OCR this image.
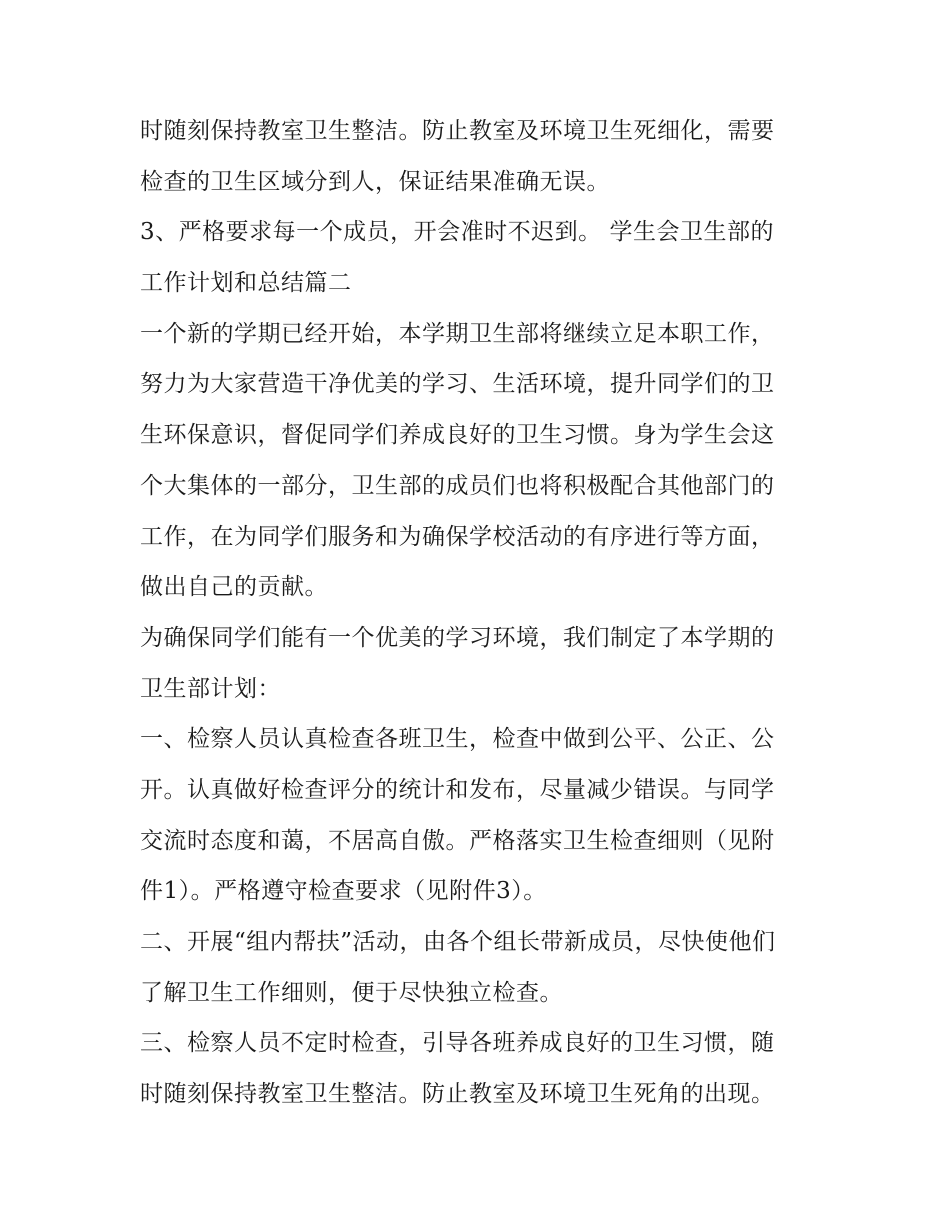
时随刻保持教室卫生整洁。防止教室及环境卫生死细化，需要
检查的卫生区域分到人，保证结果准确无误。
3、严格要求每一个成员，开会准时不迟到。 学生会卫生部的
工作计划和总结篇二
一个新的学期已经开始，本学期卫生部将继续立足本职工作，
努力为大家营造干净优美的学习、生活环境，提升同学们的卫
生环保意识，督促同学们养成良好的卫生习惯。身为学生会这
个大集体的一部分，卫生部的成员们也将积极配合其他部门的
工作，在为同学们服务和为确保学校活动的有序进行等方面，
做出自己的贡献。
为确保同学们能有一个优美的学习环境，我们制定了本学期的
卫生部计划：
一、检察人员认真检查各班卫生，检查中做到公平、公正、公
开。认真做好检查评分的统计和发布，尽量减少错误。与同学
交流时态度和蔼，不居高自傲。严格落实卫生检查细则（见附
件1）。严格遵守检查要求（见附件3）。
二、开展“组内帮扶”活动，由各个组长带新成员，尽快使他们
了解卫生工作细则，便于尽快独立检查。
三、检察人员不定时检查，引导各班养成良好的卫生习惯，随
时随刻保持教室卫生整洁。防止教室及环境卫生死角的出现。
